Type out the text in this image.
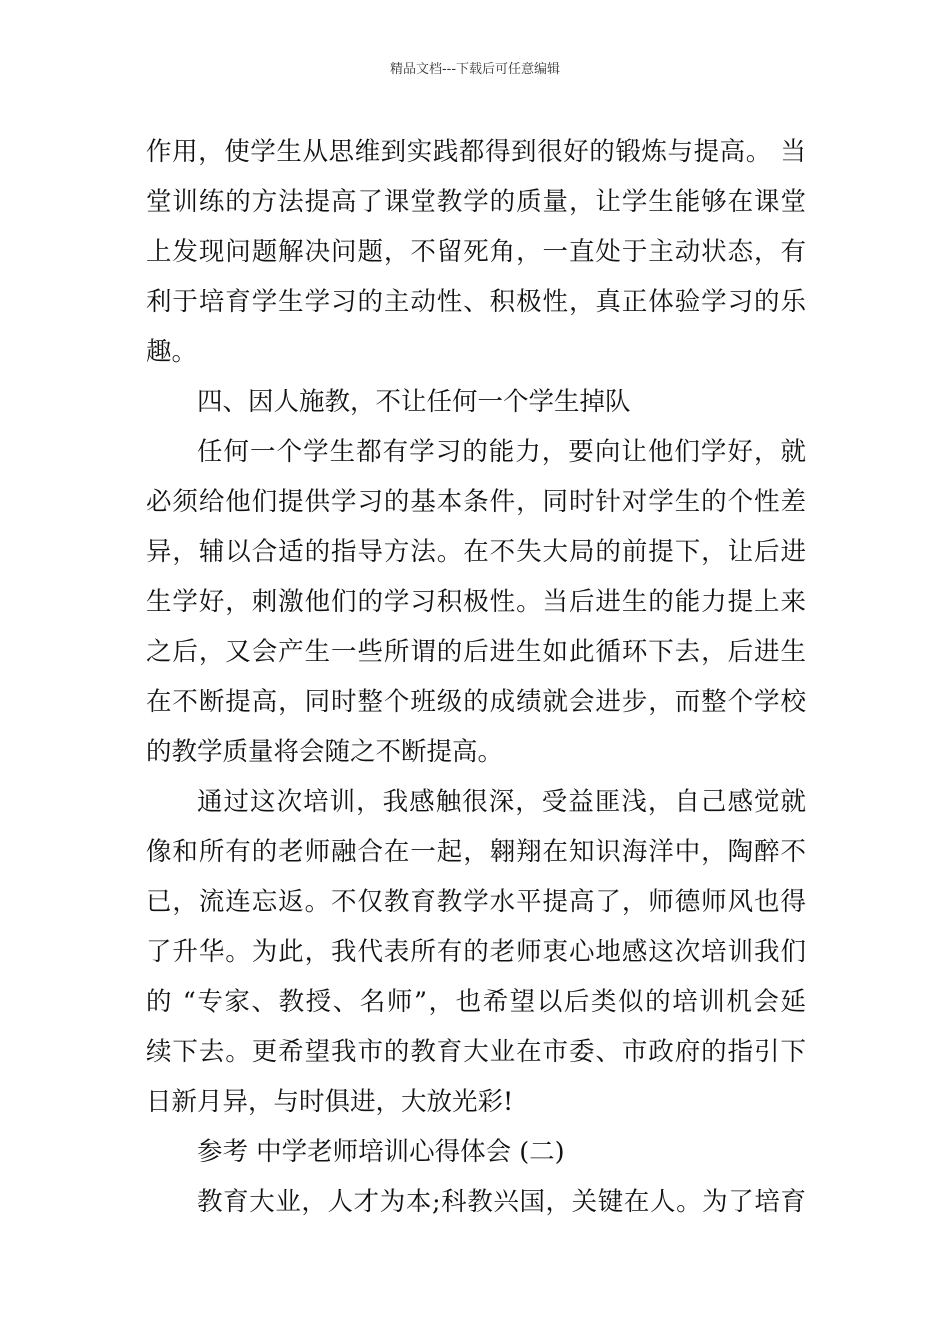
精品文档---下载后可任意编辑
作用，使学生从思维到实践都得到很好的锻炼与提高。 当
堂训练的方法提高了课堂教学的质量，让学生能够在课堂
上发现问题解决问题，不留死角，一直处于主动状态，有
利于培育学生学习的主动性、积极性，真正体验学习的乐
趣。
四、因人施教，不让任何一个学生掉队
任何一个学生都有学习的能力，要向让他们学好，就
必须给他们提供学习的基本条件，同时针对学生的个性差
异，辅以合适的指导方法。在不失大局的前提下，让后进
生学好，刺激他们的学习积极性。当后进生的能力提上来
之后，又会产生一些所谓的后进生如此循环下去，后进生
在不断提高，同时整个班级的成绩就会进步，而整个学校
的教学质量将会随之不断提高。
通过这次培训，我感触很深，受益匪浅，自己感觉就
像和所有的老师融合在一起，翱翔在知识海洋中，陶醉不
已，流连忘返。不仅教育教学水平提高了，师德师风也得
了升华。为此，我代表所有的老师衷心地感这次培训我们
的 “专家、教授、名师”，也希望以后类似的培训机会延
续下去。更希望我市的教育大业在市委、市政府的指引下
日新月异，与时俱进，大放光彩!
参考 中学老师培训心得体会 (二)
教育大业，人才为本;科教兴国，关键在人。为了培育
